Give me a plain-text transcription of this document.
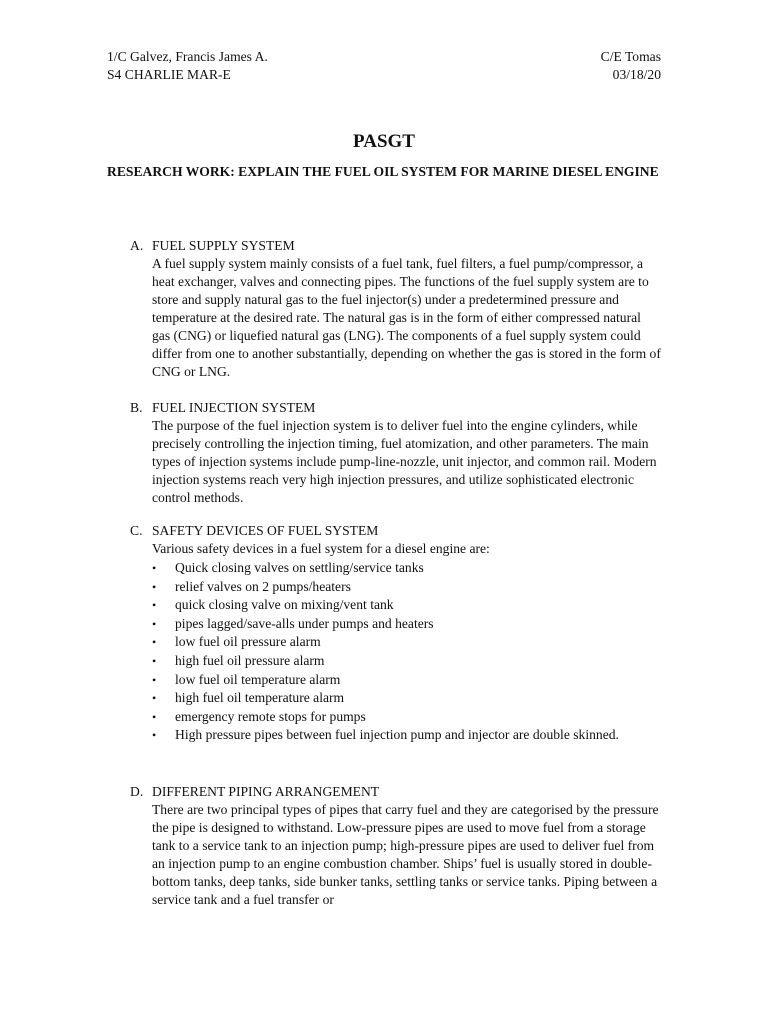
1/C Galvez, Francis James A.	C/E Tomas
S4 CHARLIE MAR-E	03/18/20
PASGT
RESEARCH WORK: EXPLAIN THE FUEL OIL SYSTEM FOR MARINE DIESEL ENGINE
A. FUEL SUPPLY SYSTEM
A fuel supply system mainly consists of a fuel tank, fuel filters, a fuel pump/compressor, a heat exchanger, valves and connecting pipes. The functions of the fuel supply system are to store and supply natural gas to the fuel injector(s) under a predetermined pressure and temperature at the desired rate. The natural gas is in the form of either compressed natural gas (CNG) or liquefied natural gas (LNG). The components of a fuel supply system could differ from one to another substantially, depending on whether the gas is stored in the form of CNG or LNG.
B. FUEL INJECTION SYSTEM
The purpose of the fuel injection system is to deliver fuel into the engine cylinders, while precisely controlling the injection timing, fuel atomization, and other parameters. The main types of injection systems include pump-line-nozzle, unit injector, and common rail. Modern injection systems reach very high injection pressures, and utilize sophisticated electronic control methods.
C. SAFETY DEVICES OF FUEL SYSTEM
Various safety devices in a fuel system for a diesel engine are:
• Quick closing valves on settling/service tanks
• relief valves on 2 pumps/heaters
• quick closing valve on mixing/vent tank
• pipes lagged/save-alls under pumps and heaters
• low fuel oil pressure alarm
• high fuel oil pressure alarm
• low fuel oil temperature alarm
• high fuel oil temperature alarm
• emergency remote stops for pumps
• High pressure pipes between fuel injection pump and injector are double skinned.
D. DIFFERENT PIPING ARRANGEMENT
There are two principal types of pipes that carry fuel and they are categorised by the pressure the pipe is designed to withstand. Low-pressure pipes are used to move fuel from a storage tank to a service tank to an injection pump; high-pressure pipes are used to deliver fuel from an injection pump to an engine combustion chamber. Ships’ fuel is usually stored in double-bottom tanks, deep tanks, side bunker tanks, settling tanks or service tanks. Piping between a service tank and a fuel transfer or
